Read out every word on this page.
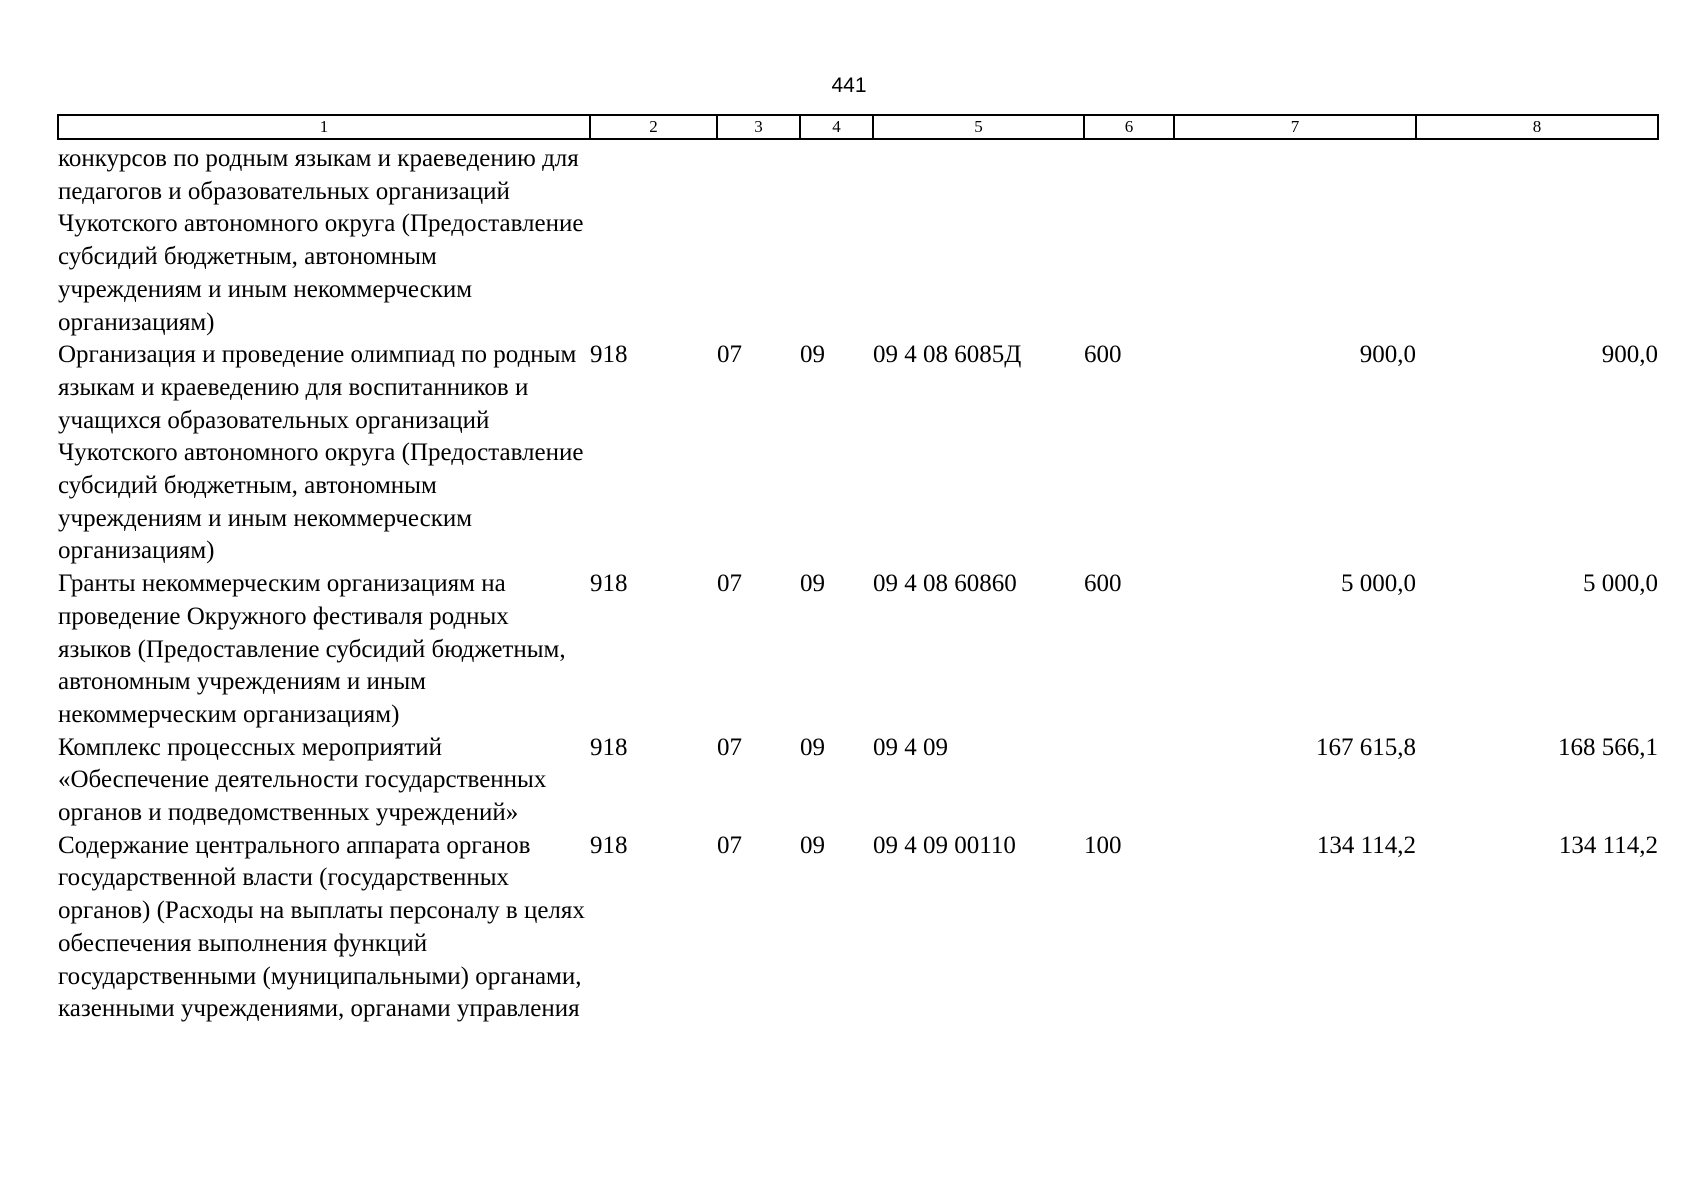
441
1	2	3	4	5	6	7	8
конкурсов по родным языкам и краеведению для педагогов и образовательных организаций Чукотского автономного округа (Предоставление субсидий бюджетным, автономным учреждениям и иным некоммерческим организациям)							
Организация и проведение олимпиад по родным языкам и краеведению для воспитанников и учащихся образовательных организаций Чукотского автономного округа (Предоставление субсидий бюджетным, автономным учреждениям и иным некоммерческим организациям)	918	07	09	09 4 08 6085Д	600	900,0	900,0
Гранты некоммерческим организациям на проведение Окружного фестиваля родных языков (Предоставление субсидий бюджетным, автономным учреждениям и иным некоммерческим организациям)	918	07	09	09 4 08 60860	600	5 000,0	5 000,0
Комплекс процессных мероприятий «Обеспечение деятельности государственных органов и подведомственных учреждений»	918	07	09	09 4 09		167 615,8	168 566,1
Содержание центрального аппарата органов государственной власти (государственных органов) (Расходы на выплаты персоналу в целях обеспечения выполнения функций государственными (муниципальными) органами, казенными учреждениями, органами управления	918	07	09	09 4 09 00110	100	134 114,2	134 114,2
